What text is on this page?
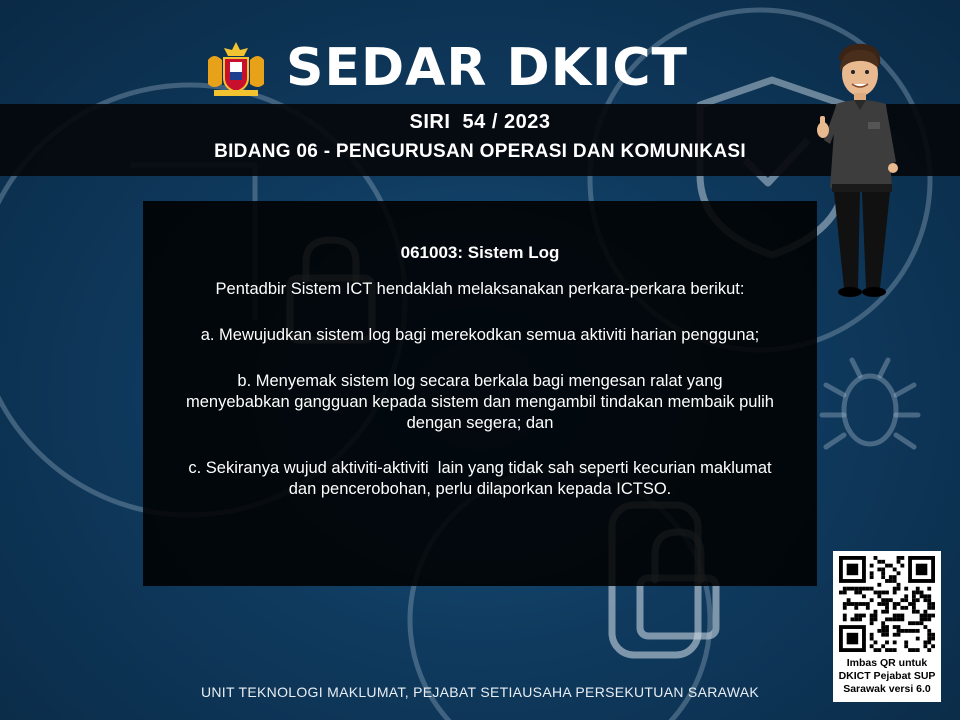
SEDAR DKICT
SIRI  54 / 2023
BIDANG 06 - PENGURUSAN OPERASI DAN KOMUNIKASI
061003: Sistem Log
Pentadbir Sistem ICT hendaklah melaksanakan perkara-perkara berikut:
a. Mewujudkan sistem log bagi merekodkan semua aktiviti harian pengguna;
b. Menyemak sistem log secara berkala bagi mengesan ralat yang
menyebabkan gangguan kepada sistem dan mengambil tindakan membaik pulih
dengan segera; dan
c. Sekiranya wujud aktiviti-aktiviti  lain yang tidak sah seperti kecurian maklumat
dan pencerobohan, perlu dilaporkan kepada ICTSO.
Imbas QR untuk
DKICT Pejabat SUP
Sarawak versi 6.0
UNIT TEKNOLOGI MAKLUMAT, PEJABAT SETIAUSAHA PERSEKUTUAN SARAWAK
